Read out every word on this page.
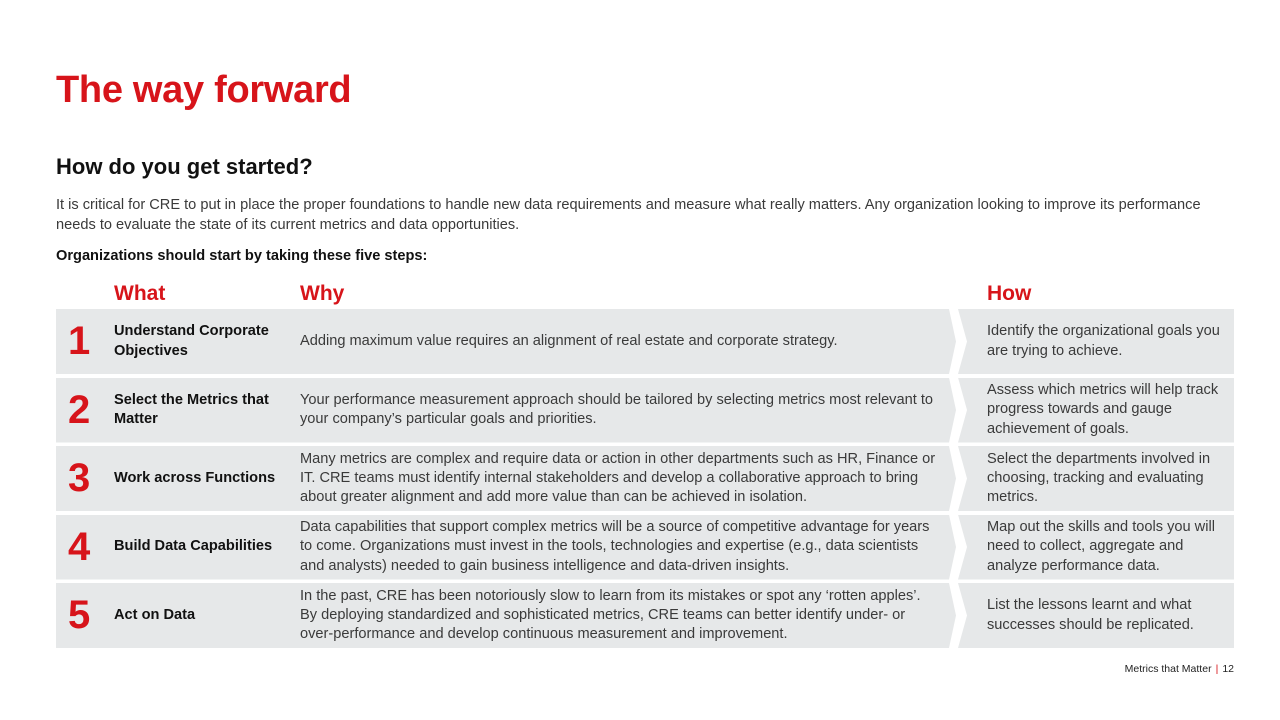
The way forward
How do you get started?
It is critical for CRE to put in place the proper foundations to handle new data requirements and measure what really matters. Any organization looking to improve its performance needs to evaluate the state of its current metrics and data opportunities.
Organizations should start by taking these five steps:
What	Why	How
1 Understand Corporate Objectives
Adding maximum value requires an alignment of real estate and corporate strategy.
Identify the organizational goals you are trying to achieve.
2 Select the Metrics that Matter
Your performance measurement approach should be tailored by selecting metrics most relevant to your company’s particular goals and priorities.
Assess which metrics will help track progress towards and gauge achievement of goals.
3 Work across Functions
Many metrics are complex and require data or action in other departments such as HR, Finance or IT. CRE teams must identify internal stakeholders and develop a collaborative approach to bring about greater alignment and add more value than can be achieved in isolation.
Select the departments involved in choosing, tracking and evaluating metrics.
4 Build Data Capabilities
Data capabilities that support complex metrics will be a source of competitive advantage for years to come. Organizations must invest in the tools, technologies and expertise (e.g., data scientists and analysts) needed to gain business intelligence and data-driven insights.
Map out the skills and tools you will need to collect, aggregate and analyze performance data.
5 Act on Data
In the past, CRE has been notoriously slow to learn from its mistakes or spot any ‘rotten apples’. By deploying standardized and sophisticated metrics, CRE teams can better identify under- or over-performance and develop continuous measurement and improvement.
List the lessons learnt and what successes should be replicated.
Metrics that Matter | 12
